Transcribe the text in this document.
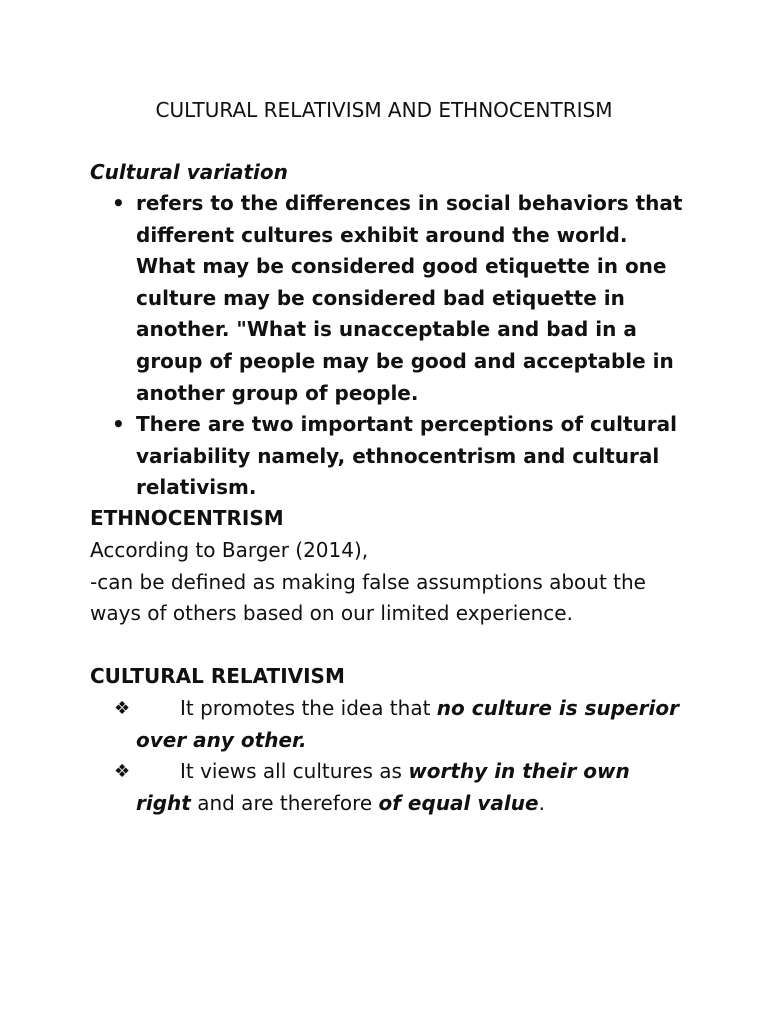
CULTURAL RELATIVISM AND ETHNOCENTRISM

Cultural variation

• refers to the differences in social behaviors that different cultures exhibit around the world. What may be considered good etiquette in one culture may be considered bad etiquette in another. "What is unacceptable and bad in a group of people may be good and acceptable in another group of people.
• There are two important perceptions of cultural variability namely, ethnocentrism and cultural relativism.

ETHNOCENTRISM

According to Barger (2014),
-can be defined as making false assumptions about the
ways of others based on our limited experience.

CULTURAL RELATIVISM

❖ It promotes the idea that no culture is superior over any other.
❖ It views all cultures as worthy in their own right and are therefore of equal value.
